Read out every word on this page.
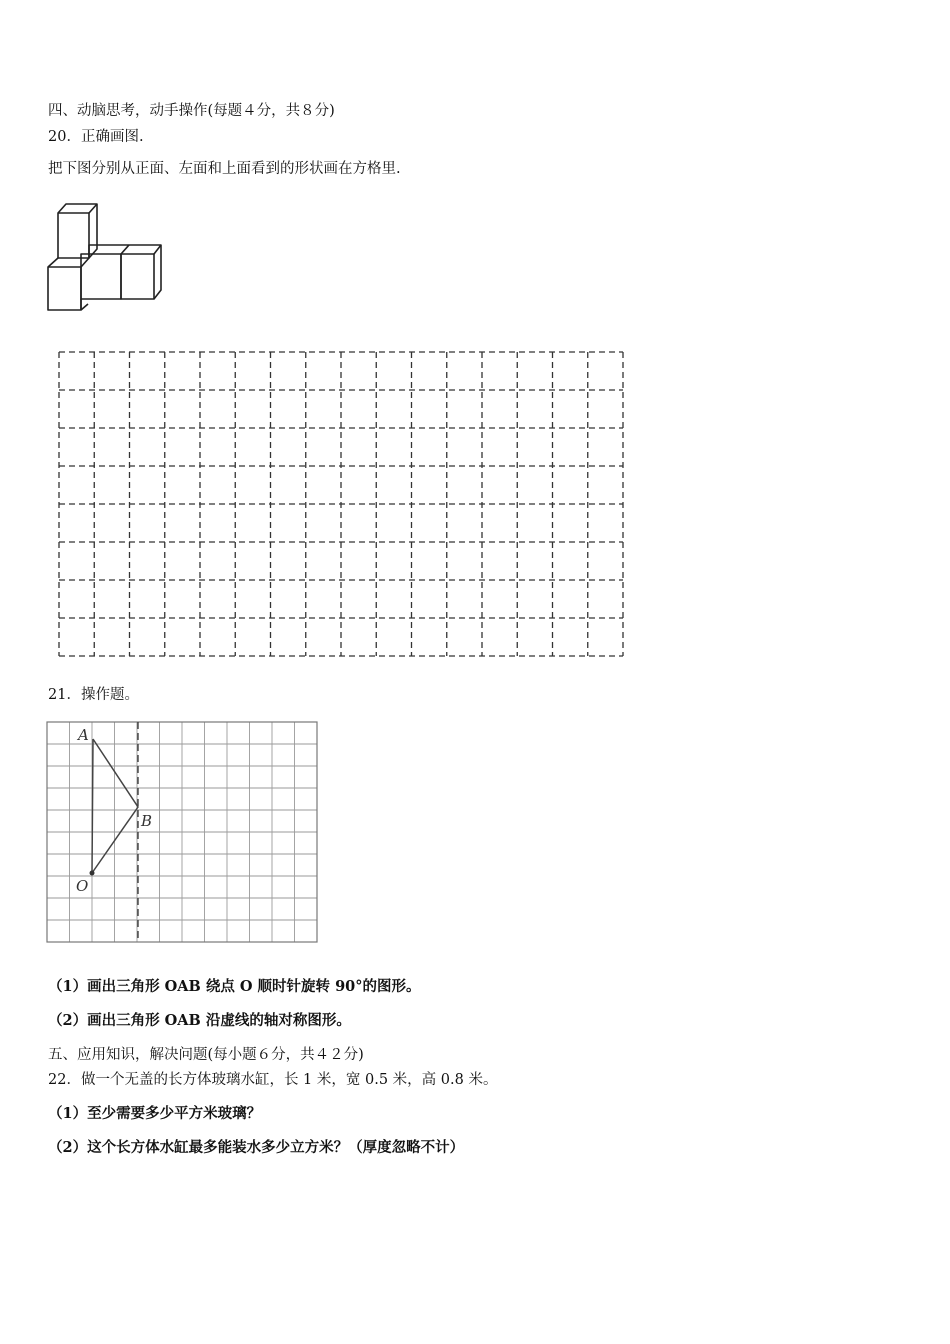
四、动脑思考，动手操作(每题４分，共８分)
20．正确画图.
把下图分别从正面、左面和上面看到的形状画在方格里.
21．操作题。
A
B
O
（1）画出三角形 OAB 绕点 O 顺时针旋转 90°的图形。
（2）画出三角形 OAB 沿虚线的轴对称图形。
五、应用知识，解决问题(每小题６分，共４２分)
22．做一个无盖的长方体玻璃水缸，长 1 米，宽 0.5 米，高 0.8 米。
（1）至少需要多少平方米玻璃？
（2）这个长方体水缸最多能装水多少立方米？（厚度忽略不计）
